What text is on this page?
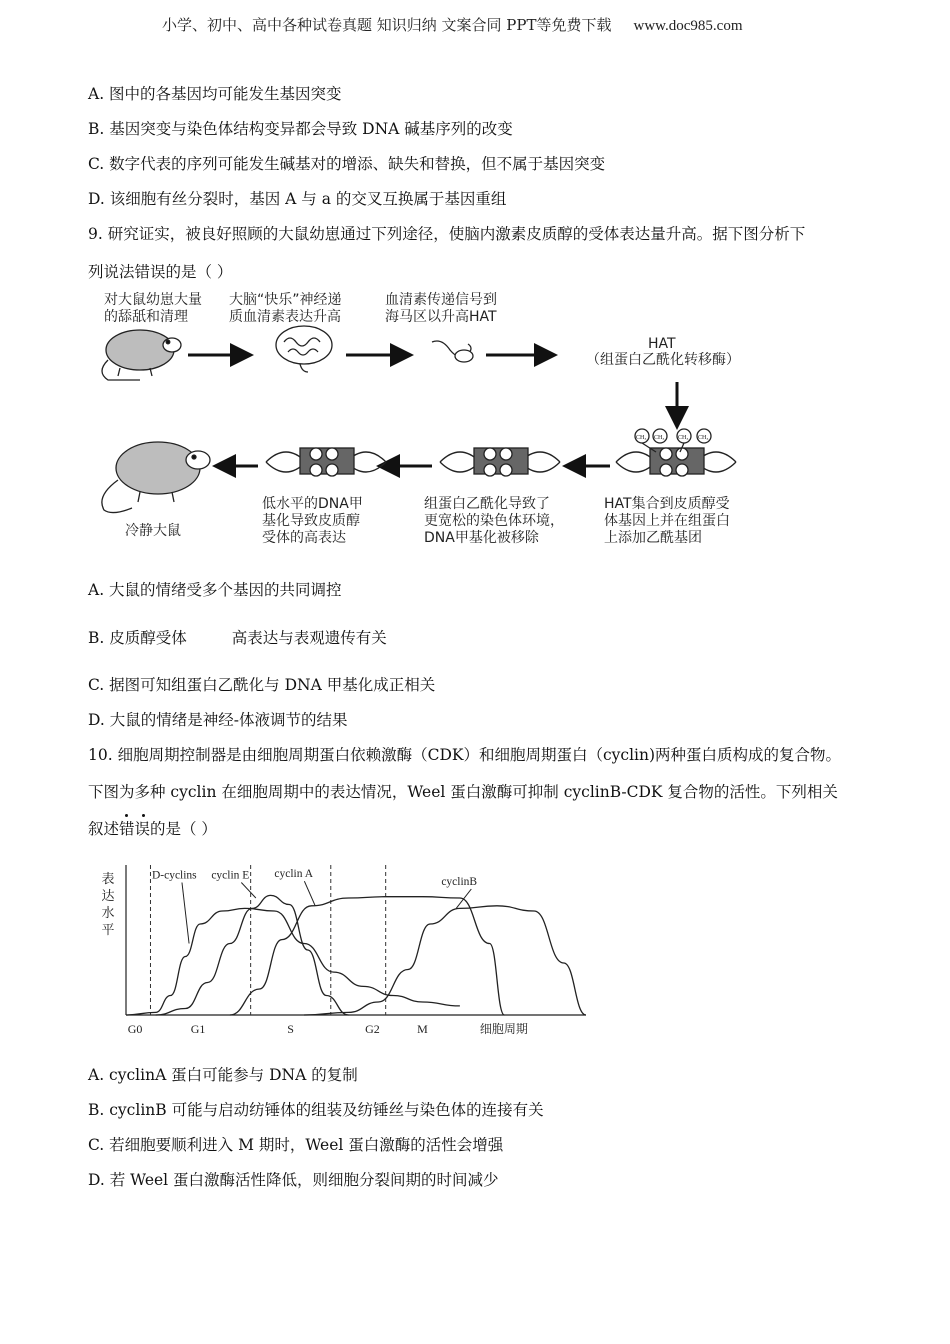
小学、初中、高中各种试卷真题 知识归纳 文案合同 PPT等免费下载 www.doc985.com
A. 图中的各基因均可能发生基因突变
B. 基因突变与染色体结构变异都会导致 DNA 碱基序列的改变
C. 数字代表的序列可能发生碱基对的增添、缺失和替换，但不属于基因突变
D. 该细胞有丝分裂时，基因 A 与 a 的交叉互换属于基因重组
9. 研究证实，被良好照顾的大鼠幼崽通过下列途径，使脑内激素皮质醇的受体表达量升高。据下图分析下
列说法错误的是（ ）
对大鼠幼崽大量
的舔舐和清理
大脑“快乐”神经递
质血清素表达升高
血清素传递信号到
海马区以升高HAT
HAT
（组蛋白乙酰化转移酶）
HAT集合到皮质醇受
体基因上并在组蛋白
上添加乙酰基团
组蛋白乙酰化导致了
更宽松的染色体环境，
DNA甲基化被移除
低水平的DNA甲
基化导致皮质醇
受体的高表达
冷静大鼠
CH₃ CH₃ CH₃ CH₃
A. 大鼠的情绪受多个基因的共同调控
B. 皮质醇受体	高表达与表观遗传有关
C. 据图可知组蛋白乙酰化与 DNA 甲基化成正相关
D. 大鼠的情绪是神经-体液调节的结果
10. 细胞周期控制器是由细胞周期蛋白依赖激酶（CDK）和细胞周期蛋白（cyclin)两种蛋白质构成的复合物。
下图为多种 cyclin 在细胞周期中的表达情况，Weel 蛋白激酶可抑制 cyclinB-CDK 复合物的活性。下列相关
叙述错误的是（ ）
表
达
水
平
G0	G1	S	G2	M	细胞周期
D-cyclins cyclin E cyclin A
cyclinB
A. cyclinA 蛋白可能参与 DNA 的复制
B. cyclinB 可能与启动纺锤体的组装及纺锤丝与染色体的连接有关
C. 若细胞要顺利进入 M 期时，Weel 蛋白激酶的活性会增强
D. 若 Weel 蛋白激酶活性降低，则细胞分裂间期的时间减少
